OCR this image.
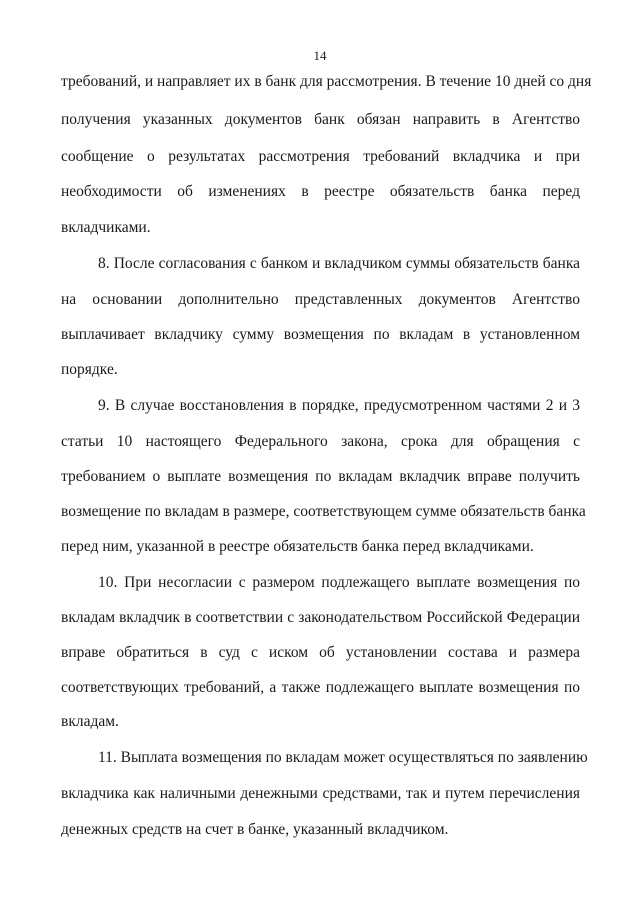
14
требований, и направляет их в банк для рассмотрения. В течение 10 дней со дня
получения указанных документов банк обязан направить в Агентство
сообщение о результатах рассмотрения требований вкладчика и при
необходимости об изменениях в реестре обязательств банка перед
вкладчиками.
8. После согласования с банком и вкладчиком суммы обязательств банка
на основании дополнительно представленных документов Агентство
выплачивает вкладчику сумму возмещения по вкладам в установленном
порядке.
9. В случае восстановления в порядке, предусмотренном частями 2 и 3
статьи 10 настоящего Федерального закона, срока для обращения с
требованием о выплате возмещения по вкладам вкладчик вправе получить
возмещение по вкладам в размере, соответствующем сумме обязательств банка
перед ним, указанной в реестре обязательств банка перед вкладчиками.
10. При несогласии с размером подлежащего выплате возмещения по
вкладам вкладчик в соответствии с законодательством Российской Федерации
вправе обратиться в суд с иском об установлении состава и размера
соответствующих требований, а также подлежащего выплате возмещения по
вкладам.
11. Выплата возмещения по вкладам может осуществляться по заявлению
вкладчика как наличными денежными средствами, так и путем перечисления
денежных средств на счет в банке, указанный вкладчиком.
